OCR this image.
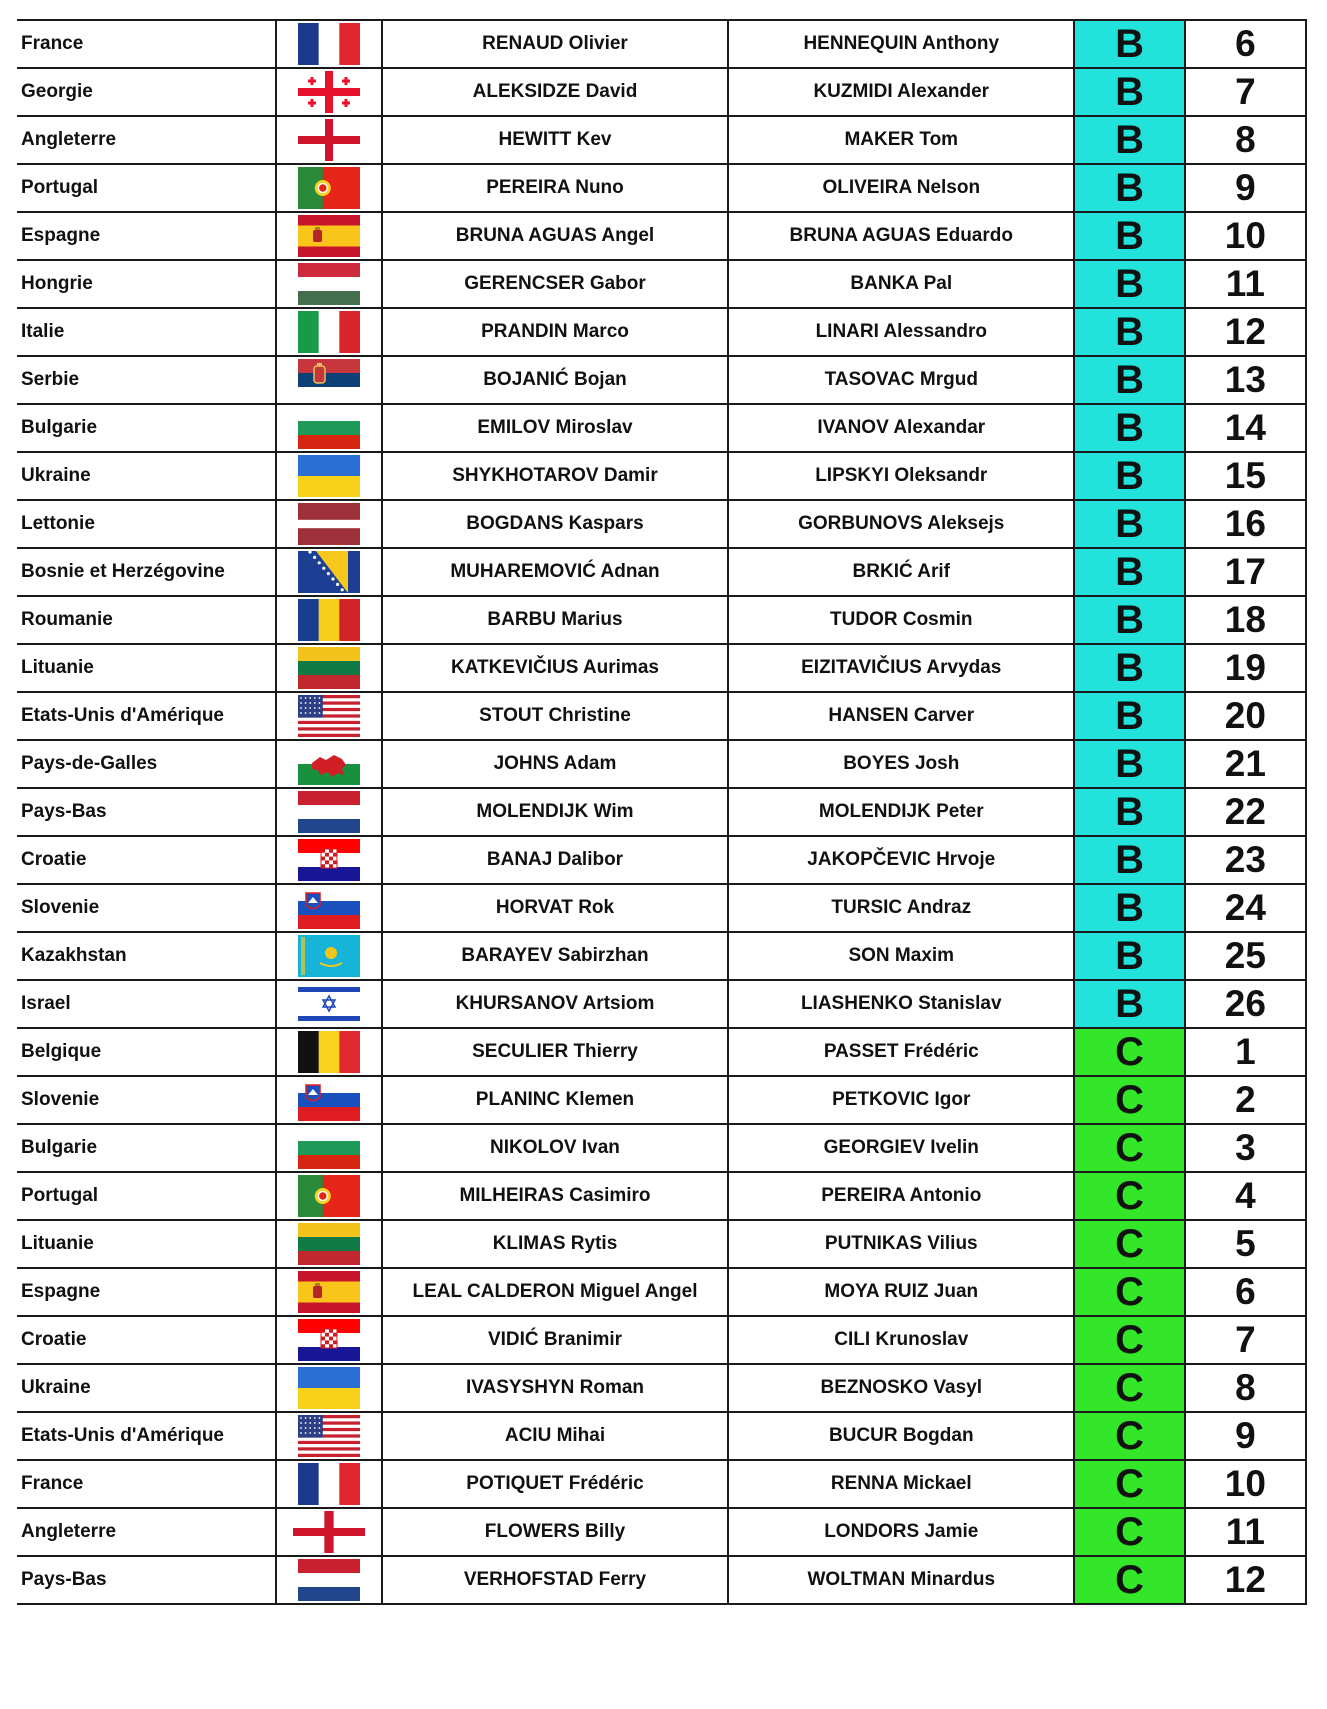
France		RENAUD Olivier	HENNEQUIN Anthony	B	6
Georgie		ALEKSIDZE David	KUZMIDI Alexander	B	7
Angleterre		HEWITT Kev	MAKER Tom	B	8
Portugal		PEREIRA Nuno	OLIVEIRA Nelson	B	9
Espagne		BRUNA AGUAS Angel	BRUNA AGUAS Eduardo	B	10
Hongrie		GERENCSER Gabor	BANKA Pal	B	11
Italie		PRANDIN Marco	LINARI Alessandro	B	12
Serbie		BOJANIĆ Bojan	TASOVAC Mrgud	B	13
Bulgarie		EMILOV Miroslav	IVANOV Alexandar	B	14
Ukraine		SHYKHOTAROV Damir	LIPSKYI Oleksandr	B	15
Lettonie		BOGDANS Kaspars	GORBUNOVS Aleksejs	B	16
Bosnie et Herzégovine		MUHAREMOVIĆ Adnan	BRKIĆ Arif	B	17
Roumanie		BARBU Marius	TUDOR Cosmin	B	18
Lituanie		KATKEVIČIUS Aurimas	EIZITAVIČIUS Arvydas	B	19
Etats-Unis d'Amérique		STOUT Christine	HANSEN Carver	B	20
Pays-de-Galles		JOHNS Adam	BOYES Josh	B	21
Pays-Bas		MOLENDIJK Wim	MOLENDIJK Peter	B	22
Croatie		BANAJ Dalibor	JAKOPČEVIC Hrvoje	B	23
Slovenie		HORVAT Rok	TURSIC Andraz	B	24
Kazakhstan		BARAYEV Sabirzhan	SON Maxim	B	25
Israel		KHURSANOV Artsiom	LIASHENKO Stanislav	B	26
Belgique		SECULIER Thierry	PASSET Frédéric	C	1
Slovenie		PLANINC Klemen	PETKOVIC Igor	C	2
Bulgarie		NIKOLOV Ivan	GEORGIEV Ivelin	C	3
Portugal		MILHEIRAS Casimiro	PEREIRA Antonio	C	4
Lituanie		KLIMAS Rytis	PUTNIKAS Vilius	C	5
Espagne		LEAL CALDERON Miguel Angel	MOYA RUIZ Juan	C	6
Croatie		VIDIĆ Branimir	CILI Krunoslav	C	7
Ukraine		IVASYSHYN Roman	BEZNOSKO Vasyl	C	8
Etats-Unis d'Amérique		ACIU Mihai	BUCUR Bogdan	C	9
France		POTIQUET Frédéric	RENNA Mickael	C	10
Angleterre		FLOWERS Billy	LONDORS Jamie	C	11
Pays-Bas		VERHOFSTAD Ferry	WOLTMAN Minardus	C	12
